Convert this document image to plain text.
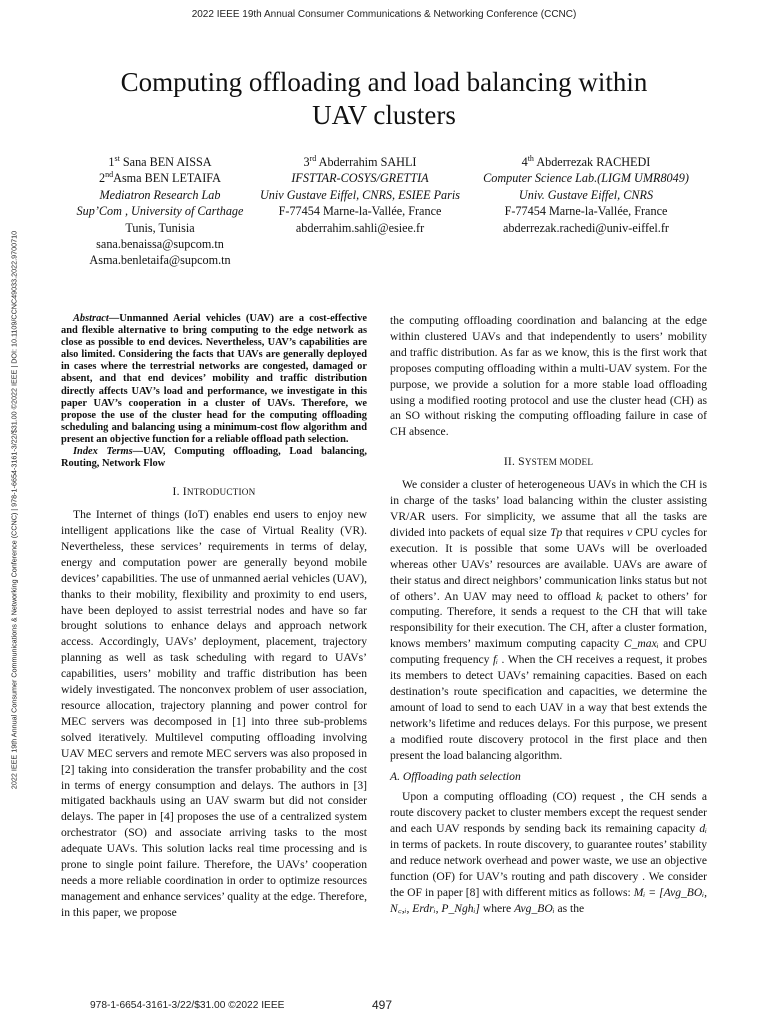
2022 IEEE 19th Annual Consumer Communications & Networking Conference (CCNC)
2022 IEEE 19th Annual Consumer Communications & Networking Conference (CCNC) | 978-1-6654-3161-3/22/$31.00 ©2022 IEEE | DOI: 10.1109/CCNC49033.2022.9700710
Computing offloading and load balancing within
UAV clusters
1st Sana BEN AISSA
2ndAsma BEN LETAIFA
Mediatron Research Lab
Sup’Com , University of Carthage
Tunis, Tunisia
sana.benaissa@supcom.tn
Asma.benletaifa@supcom.tn
3rd Abderrahim SAHLI
IFSTTAR-COSYS/GRETTIA
Univ Gustave Eiffel, CNRS, ESIEE Paris
F-77454 Marne-la-Vallée, France
abderrahim.sahli@esiee.fr
4th Abderrezak RACHEDI
Computer Science Lab.(LIGM UMR8049)
Univ. Gustave Eiffel, CNRS
F-77454 Marne-la-Vallée, France
abderrezak.rachedi@univ-eiffel.fr

Abstract—Unmanned Aerial vehicles (UAV) are a cost-effective and flexible alternative to bring computing to the edge network as close as possible to end devices. Nevertheless, UAV’s capabilities are also limited. Considering the facts that UAVs are generally deployed in cases where the terrestrial networks are congested, damaged or absent, and that end devices’ mobility and traffic distribution directly affects UAV’s load and performance, we investigate in this paper UAV’s cooperation in a cluster of UAVs. Therefore, we propose the use of the cluster head for the computing offloading scheduling and balancing using a minimum-cost flow algorithm and present an objective function for a reliable offload path selection.

Index Terms—UAV, Computing offloading, Load balancing, Routing, Network Flow

I. INTRODUCTION

The Internet of things (IoT) enables end users to enjoy new intelligent applications like the case of Virtual Reality (VR). Nevertheless, these services’ requirements in terms of delay, energy and computation power are generally beyond mobile devices’ capabilities. The use of unmanned aerial vehicles (UAV), thanks to their mobility, flexibility and proximity to end users, have been deployed to assist terrestrial nodes and have so far brought solutions to enhance delays and approach network access. Accordingly, UAVs’ deployment, placement, trajectory planning as well as task scheduling with regard to UAVs’ capabilities, users’ mobility and traffic distribution has been widely investigated. The nonconvex problem of user association, resource allocation, trajectory planning and power control for MEC servers was decomposed in [1] into three sub-problems solved iteratively. Multilevel computing offloading involving UAV MEC servers and remote MEC servers was also proposed in [2] taking into consideration the transfer probability and the cost in terms of energy consumption and delays. The authors in [3] mitigated backhauls using an UAV swarm but did not consider delays. The paper in [4] proposes the use of a centralized system orchestrator (SO) and associate arriving tasks to the most adequate UAVs. This solution lacks real time processing and is prone to single point failure. Therefore, the UAVs’ cooperation needs a more reliable coordination in order to optimize resources management and enhance services’ quality at the edge. Therefore, in this paper, we propose

the computing offloading coordination and balancing at the edge within clustered UAVs and that independently to users’ mobility and traffic distribution. As far as we know, this is the first work that proposes computing offloading within a multi-UAV system. For the purpose, we provide a solution for a more stable load offloading using a modified rooting protocol and use the cluster head (CH) as an SO without risking the computing offloading failure in case of CH absence.

II. SYSTEM MODEL

We consider a cluster of heterogeneous UAVs in which the CH is in charge of the tasks’ load balancing within the cluster assisting VR/AR users. For simplicity, we assume that all the tasks are divided into packets of equal size Tp that requires v CPU cycles for execution. It is possible that some UAVs will be overloaded whereas other UAVs’ resources are available. UAVs are aware of their status and direct neighbors’ communication links status but not of others’. An UAV may need to offload kᵢ packet to others’ for computing. Therefore, it sends a request to the CH that will take responsibility for their execution. The CH, after a cluster formation, knows members’ maximum computing capacity C_maxᵢ and CPU computing frequency fᵢ . When the CH receives a request, it probes its members to detect UAVs’ remaining capacities. Based on each destination’s route specification and capacities, we determine the amount of load to send to each UAV in a way that best extends the network’s lifetime and reduces delays. For this purpose, we present a modified route discovery protocol in the first place and then present the load balancing algorithm.

A. Offloading path selection

Upon a computing offloading (CO) request , the CH sends a route discovery packet to cluster members except the request sender and each UAV responds by sending back its remaining capacity dᵢ in terms of packets. In route discovery, to guarantee routes’ stability and reduce network overhead and power waste, we use an objective function (OF) for UAV’s routing and path discovery . We consider the OF in paper [8] with different mitics as follows: Mᵢ = [Avg_BOᵢ, N꜀,ᵢ, Erdrᵢ, P_Nghᵢ] where Avg_BOᵢ as the

978-1-6654-3161-3/22/$31.00 ©2022 IEEE	497
